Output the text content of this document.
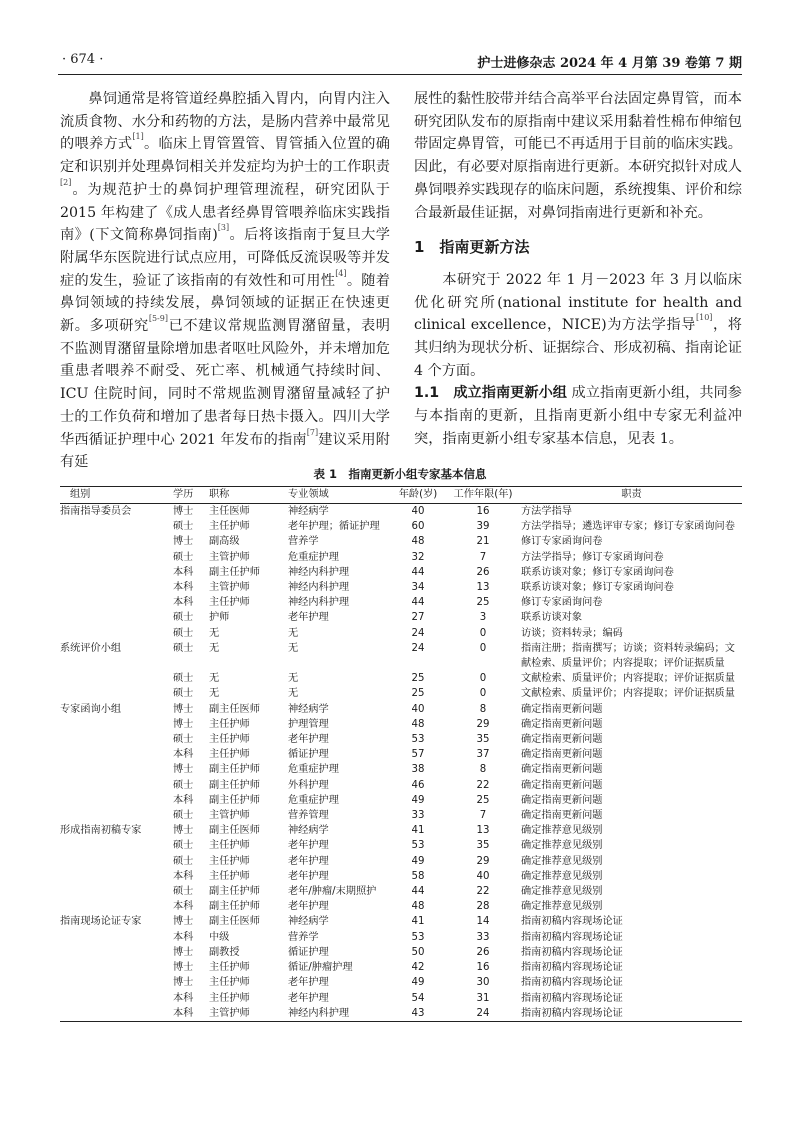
· 674 ·	护士进修杂志 2024 年 4 月第 39 卷第 7 期

鼻饲通常是将管道经鼻腔插入胃内，向胃内注入流质食物、水分和药物的方法，是肠内营养中最常见的喂养方式[1]。临床上胃管置管、胃管插入位置的确定和识别并处理鼻饲相关并发症均为护士的工作职责[2]。为规范护士的鼻饲护理管理流程，研究团队于 2015 年构建了《成人患者经鼻胃管喂养临床实践指南》(下文简称鼻饲指南)[3]。后将该指南于复旦大学附属华东医院进行试点应用，可降低反流误吸等并发症的发生，验证了该指南的有效性和可用性[4]。随着鼻饲领域的持续发展，鼻饲领域的证据正在快速更新。多项研究[5-9]已不建议常规监测胃潴留量，表明不监测胃潴留量除增加患者呕吐风险外，并未增加危重患者喂养不耐受、死亡率、机械通气持续时间、ICU 住院时间，同时不常规监测胃潴留量减轻了护士的工作负荷和增加了患者每日热卡摄入。四川大学华西循证护理中心 2021 年发布的指南[7]建议采用附有延

展性的黏性胶带并结合高举平台法固定鼻胃管，而本研究团队发布的原指南中建议采用黏着性棉布伸缩包带固定鼻胃管，可能已不再适用于目前的临床实践。因此，有必要对原指南进行更新。本研究拟针对成人鼻饲喂养实践现存的临床问题，系统搜集、评价和综合最新最佳证据，对鼻饲指南进行更新和补充。

1　指南更新方法

本研究于 2022 年 1 月－2023 年 3 月以临床优化研究所(national institute for health and clinical excellence，NICE)为方法学指导[10]，将其归纳为现状分析、证据综合、形成初稿、指南论证 4 个方面。

1.1　成立指南更新小组 成立指南更新小组，共同参与本指南的更新，且指南更新小组中专家无利益冲突，指南更新小组专家基本信息，见表 1。

表 1　指南更新小组专家基本信息
组别	学历	职称	专业领域	年龄(岁)	工作年限(年)	职责
指南指导委员会	博士	主任医师	神经病学	40	16	方法学指导
	硕士	主任护师	老年护理；循证护理	60	39	方法学指导；遴选评审专家；修订专家函询问卷
	博士	副高级	营养学	48	21	修订专家函询问卷
	硕士	主管护师	危重症护理	32	7	方法学指导；修订专家函询问卷
	本科	副主任护师	神经内科护理	44	26	联系访谈对象；修订专家函询问卷
	本科	主管护师	神经内科护理	34	13	联系访谈对象；修订专家函询问卷
	本科	主任护师	神经内科护理	44	25	修订专家函询问卷
	硕士	护师	老年护理	27	3	联系访谈对象
	硕士	无	无	24	0	访谈；资料转录；编码
系统评价小组	硕士	无	无	24	0	指南注册；指南撰写；访谈；资料转录编码；文献检索、质量评价；内容提取；评价证据质量
	硕士	无	无	25	0	文献检索、质量评价；内容提取；评价证据质量
	硕士	无	无	25	0	文献检索、质量评价；内容提取；评价证据质量
专家函询小组	博士	副主任医师	神经病学	40	8	确定指南更新问题
	博士	主任护师	护理管理	48	29	确定指南更新问题
	硕士	主任护师	老年护理	53	35	确定指南更新问题
	本科	主任护师	循证护理	57	37	确定指南更新问题
	博士	副主任护师	危重症护理	38	8	确定指南更新问题
	硕士	副主任护师	外科护理	46	22	确定指南更新问题
	本科	副主任护师	危重症护理	49	25	确定指南更新问题
	硕士	主管护师	营养管理	33	7	确定指南更新问题
形成指南初稿专家	博士	副主任医师	神经病学	41	13	确定推荐意见级别
	硕士	主任护师	老年护理	53	35	确定推荐意见级别
	硕士	主任护师	老年护理	49	29	确定推荐意见级别
	本科	主任护师	老年护理	58	40	确定推荐意见级别
	硕士	副主任护师	老年/肿瘤/末期照护	44	22	确定推荐意见级别
	本科	副主任护师	老年护理	48	28	确定推荐意见级别
指南现场论证专家	博士	副主任医师	神经病学	41	14	指南初稿内容现场论证
	本科	中级	营养学	53	33	指南初稿内容现场论证
	博士	副教授	循证护理	50	26	指南初稿内容现场论证
	博士	主任护师	循证/肿瘤护理	42	16	指南初稿内容现场论证
	博士	主任护师	老年护理	49	30	指南初稿内容现场论证
	本科	主任护师	老年护理	54	31	指南初稿内容现场论证
	本科	主管护师	神经内科护理	43	24	指南初稿内容现场论证
